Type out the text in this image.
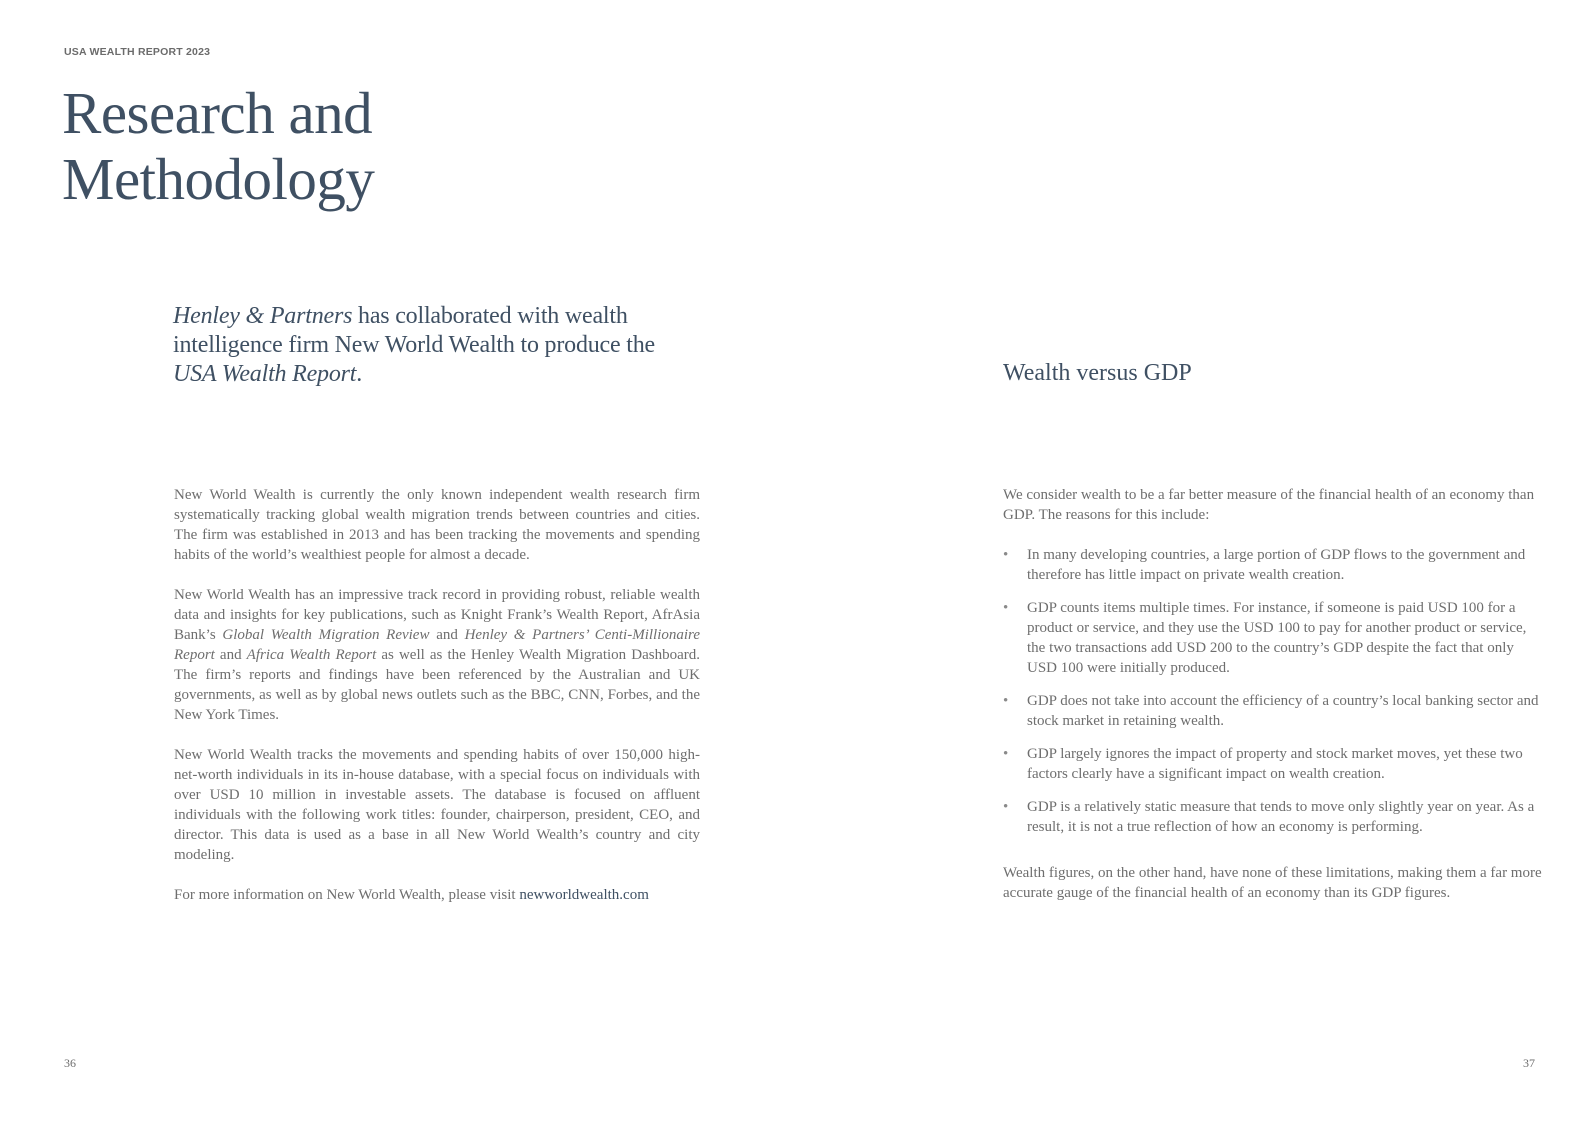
USA WEALTH REPORT 2023
Research and
Methodology

Henley & Partners has collaborated with wealth intelligence firm New World Wealth to produce the USA Wealth Report.

New World Wealth is currently the only known independent wealth research firm systematically tracking global wealth migration trends between countries and cities. The firm was established in 2013 and has been tracking the movements and spending habits of the world’s wealthiest people for almost a decade.

New World Wealth has an impressive track record in providing robust, reliable wealth data and insights for key publications, such as Knight Frank’s Wealth Report, AfrAsia Bank’s Global Wealth Migration Review and Henley & Partners’ Centi-Millionaire Report and Africa Wealth Report as well as the Henley Wealth Migration Dashboard. The firm’s reports and findings have been referenced by the Australian and UK governments, as well as by global news outlets such as the BBC, CNN, Forbes, and the New York Times.

New World Wealth tracks the movements and spending habits of over 150,000 high-net-worth individuals in its in-house database, with a special focus on individuals with over USD 10 million in investable assets. The database is focused on affluent individuals with the following work titles: founder, chairperson, president, CEO, and director. This data is used as a base in all New World Wealth’s country and city modeling.

For more information on New World Wealth, please visit newworldwealth.com

Wealth versus GDP

We consider wealth to be a far better measure of the financial health of an economy than GDP. The reasons for this include:

• In many developing countries, a large portion of GDP flows to the government and therefore has little impact on private wealth creation.
• GDP counts items multiple times. For instance, if someone is paid USD 100 for a product or service, and they use the USD 100 to pay for another product or service, the two transactions add USD 200 to the country’s GDP despite the fact that only USD 100 were initially produced.
• GDP does not take into account the efficiency of a country’s local banking sector and stock market in retaining wealth.
• GDP largely ignores the impact of property and stock market moves, yet these two factors clearly have a significant impact on wealth creation.
• GDP is a relatively static measure that tends to move only slightly year on year. As a result, it is not a true reflection of how an economy is performing.

Wealth figures, on the other hand, have none of these limitations, making them a far more accurate gauge of the financial health of an economy than its GDP figures.

36	37
